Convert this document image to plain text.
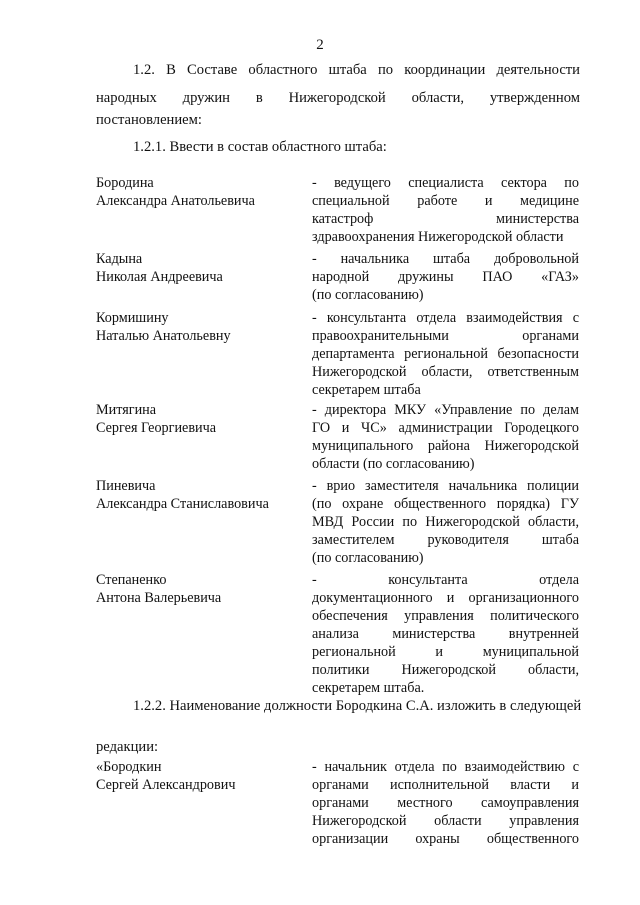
2
1.2. В Составе областного штаба по координации деятельности
народных дружин в Нижегородской области, утвержденном
постановлением:
1.2.1. Ввести в состав областного штаба:
Бородина
Александра Анатольевича
- ведущего специалиста сектора по
специальной работе и медицине
катастроф министерства
здравоохранения Нижегородской области
Кадына
Николая Андреевича
- начальника штаба добровольной
народной дружины ПАО «ГАЗ»
(по согласованию)
Кормишину
Наталью Анатольевну
- консультанта отдела взаимодействия с
правоохранительными органами
департамента региональной безопасности
Нижегородской области, ответственным
секретарем штаба
Митягина
Сергея Георгиевича
- директора МКУ «Управление по делам
ГО и ЧС» администрации Городецкого
муниципального района Нижегородской
области (по согласованию)
Пиневича
Александра Станиславовича
- врио заместителя начальника полиции
(по охране общественного порядка) ГУ
МВД России по Нижегородской области,
заместителем руководителя штаба
(по согласованию)
Степаненко
Антона Валерьевича
- консультанта отдела
документационного и организационного
обеспечения управления политического
анализа министерства внутренней
региональной и муниципальной
политики Нижегородской области,
секретарем штаба.
1.2.2. Наименование должности Бородкина С.А. изложить в следующей
редакции:
«Бородкин
Сергей Александрович
- начальник отдела по взаимодействию с
органами исполнительной власти и
органами местного самоуправления
Нижегородской области управления
организации охраны общественного
